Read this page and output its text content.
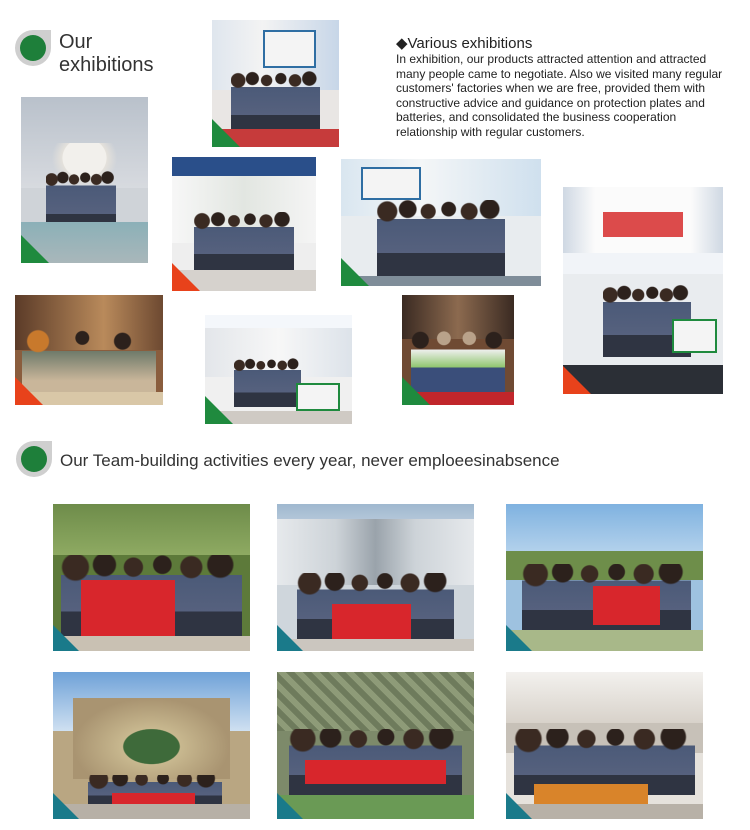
Our
exhibitions
◆Various exhibitions
In exhibition, our products attracted attention and attracted many people came to negotiate. Also we visited many regular customers' factories when we are free, provided them with constructive advice and guidance on protection plates and batteries, and consolidated the business cooperation relationship with regular customers.
Our Team-building activities every year, never emploeesinabsence
